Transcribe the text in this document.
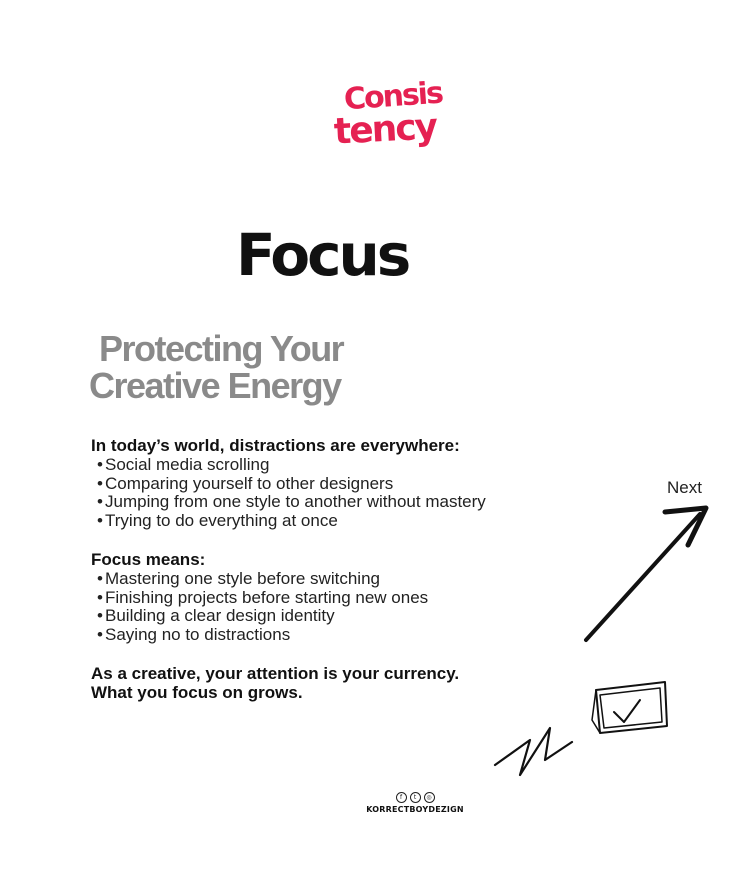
Consis
tency
Focus
Protecting Your
Creative Energy

In today’s world, distractions are everywhere:

• Social media scrolling
• Comparing yourself to other designers
• Jumping from one style to another without mastery
• Trying to do everything at once

Focus means:

• Mastering one style before switching
• Finishing projects before starting new ones
• Building a clear design identity
• Saying no to distractions

As a creative, your attention is your currency.

What you focus on grows.

Next
f	t	◎
KORRECTBOYDEZIGN
